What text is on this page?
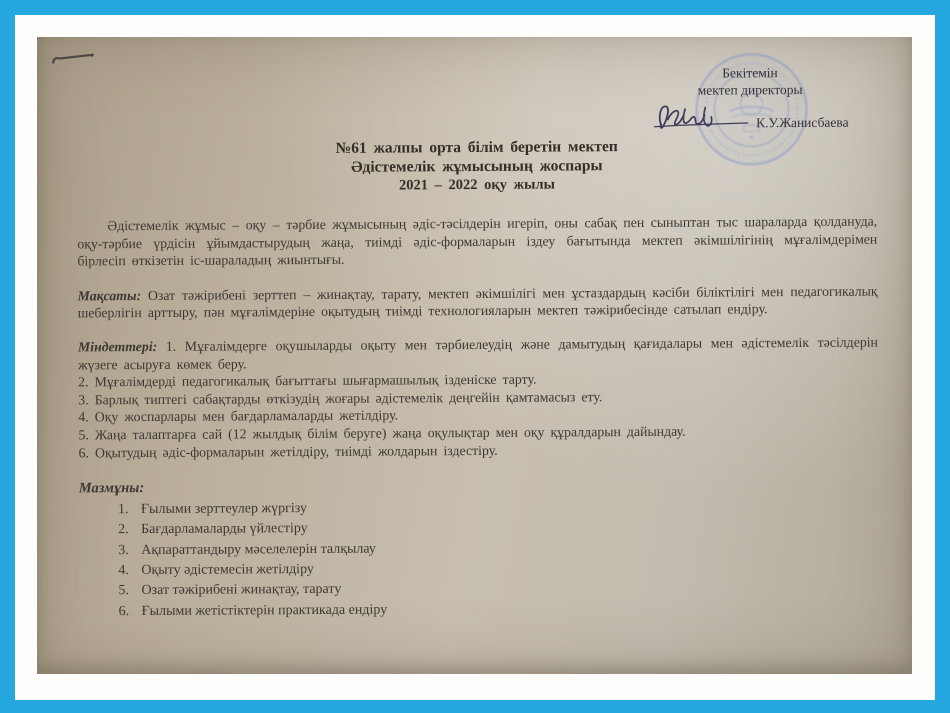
Бекітемін
мектеп директоры
К.У.Жанисбаева
№61 жалпы орта білім беретін мектеп
Әдістемелік жұмысының жоспары
2021 – 2022 оқу жылы

Әдістемелік жұмыс – оқу – тәрбие жұмысының әдіс-тәсілдерін игеріп, оны сабақ пен сыныптан тыс шараларда қолдануда, оқу-тәрбие үрдісін ұйымдастырудың жаңа, тиімді әдіс-формаларын іздеу бағытында мектеп әкімшілігінің мұғалімдерімен бірлесіп өткізетін іс-шараладың жиынтығы.

Мақсаты: Озат тәжірибені зерттеп – жинақтау, тарату, мектеп әкімшілігі мен ұстаздардың кәсіби біліктілігі мен педагогикалық шеберлігін арттыру, пән мұғалімдеріне оқытудың тиімді технологияларын мектеп тәжірибесінде сатылап ендіру.

Міндеттері: 1. Мұғалімдерге оқушыларды оқыту мен тәрбиелеудің және дамытудың қағидалары мен әдістемелік тәсілдерін жүзеге асыруға көмек беру.

2. Мұғалімдерді педагогикалық бағыттағы шығармашылық ізденіске тарту.

3. Барлық типтегі сабақтарды өткізудің жоғары әдістемелік деңгейін қамтамасыз ету.

4. Оқу жоспарлары мен бағдарламаларды жетілдіру.

5. Жаңа талаптарға сай (12 жылдық білім беруге) жаңа оқулықтар мен оқу құралдарын дайындау.

6. Оқытудың әдіс-формаларын жетілдіру, тиімді жолдарын іздестіру.

Мазмұны:
1. Ғылыми зерттеулер жүргізу
2. Бағдарламаларды үйлестіру
3. Ақпараттандыру мәселелерін талқылау
4. Оқыту әдістемесін жетілдіру
5. Озат тәжірибені жинақтау, тарату
6. Ғылыми жетістіктерін практикада ендіру
